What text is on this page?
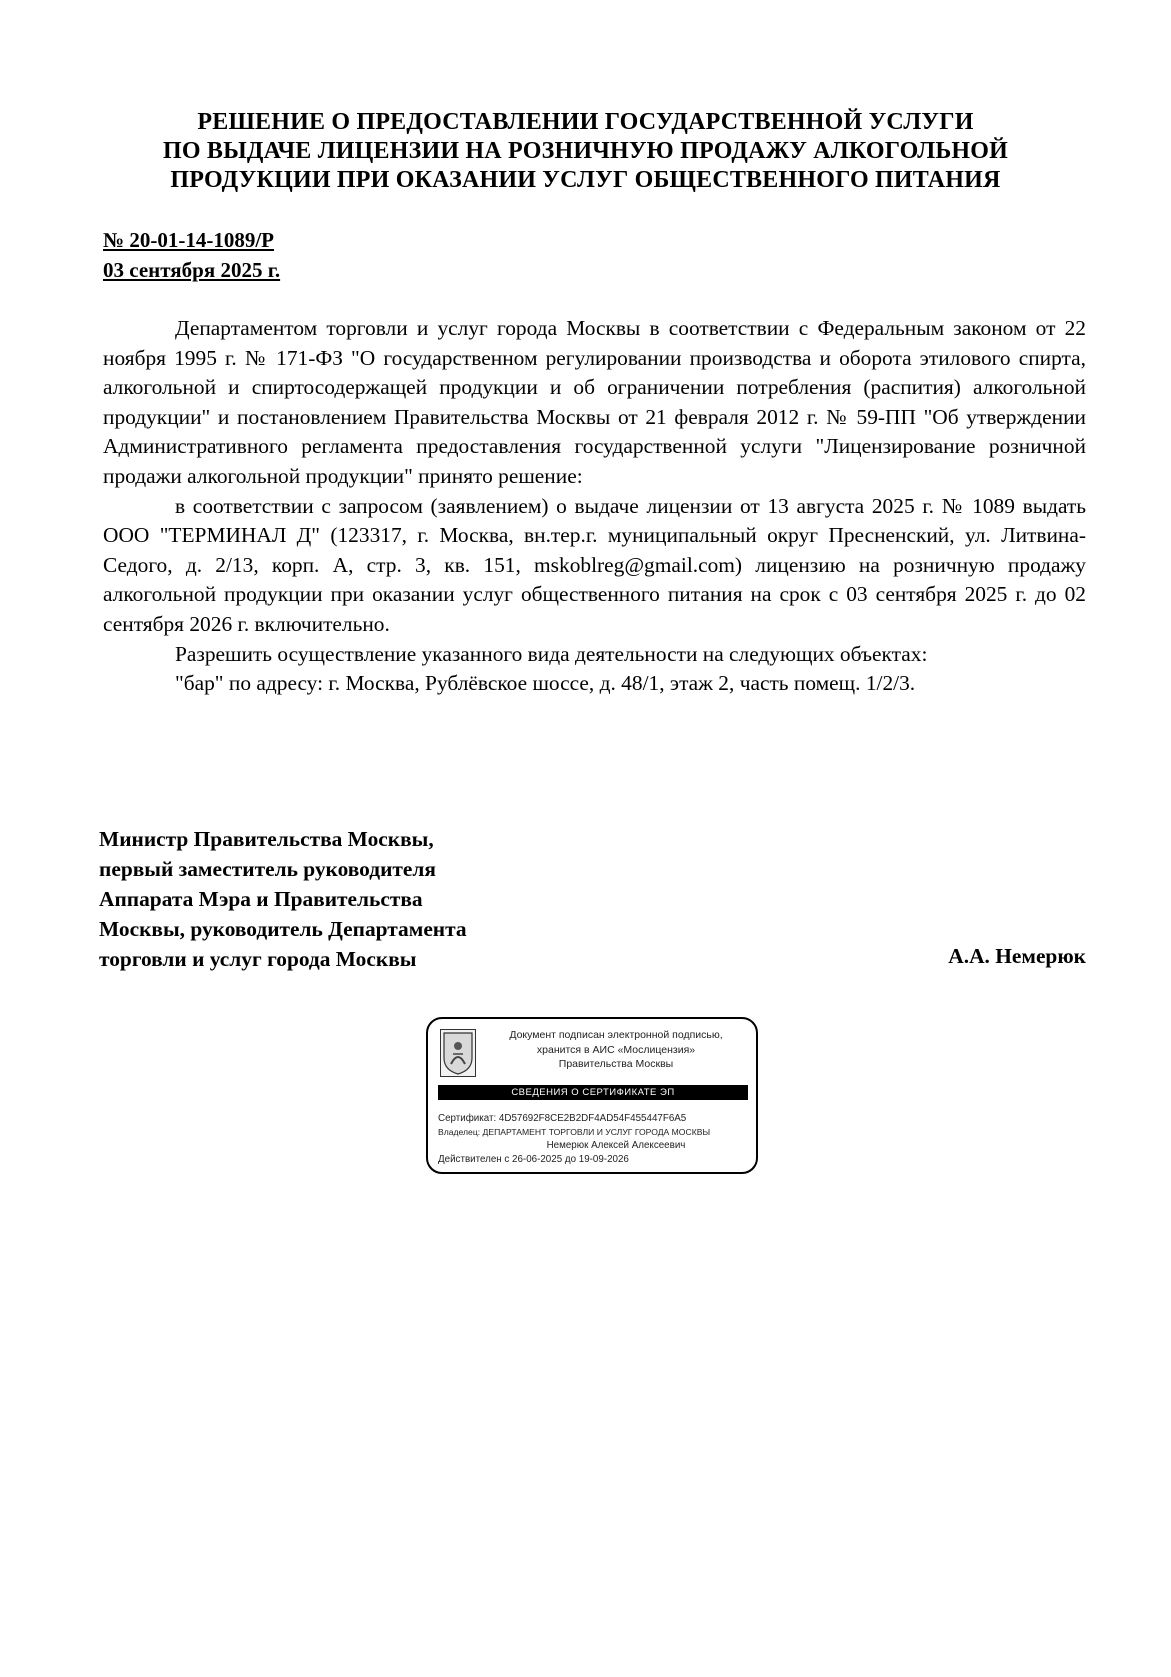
РЕШЕНИЕ О ПРЕДОСТАВЛЕНИИ ГОСУДАРСТВЕННОЙ УСЛУГИ
ПО ВЫДАЧЕ ЛИЦЕНЗИИ НА РОЗНИЧНУЮ ПРОДАЖУ АЛКОГОЛЬНОЙ
ПРОДУКЦИИ ПРИ ОКАЗАНИИ УСЛУГ ОБЩЕСТВЕННОГО ПИТАНИЯ
№ 20-01-14-1089/Р
03 сентября 2025 г.

Департаментом торговли и услуг города Москвы в соответствии с Федеральным законом от 22 ноября 1995 г. № 171-ФЗ "О государственном регулировании производства и оборота этилового спирта, алкогольной и спиртосодержащей продукции и об ограничении потребления (распития) алкогольной продукции" и постановлением Правительства Москвы от 21 февраля 2012 г. № 59-ПП "Об утверждении Административного регламента предоставления государственной услуги "Лицензирование розничной продажи алкогольной продукции" принято решение:

в соответствии с запросом (заявлением) о выдаче лицензии от 13 августа 2025 г. № 1089 выдать ООО "ТЕРМИНАЛ Д" (123317, г. Москва, вн.тер.г. муниципальный округ Пресненский, ул. Литвина-Седого, д. 2/13, корп. А, стр. 3, кв. 151, mskoblreg@gmail.com) лицензию на розничную продажу алкогольной продукции при оказании услуг общественного питания на срок с 03 сентября 2025 г. до 02 сентября 2026 г. включительно.

Разрешить осуществление указанного вида деятельности на следующих объектах:
"бар" по адресу: г. Москва, Рублёвское шоссе, д. 48/1, этаж 2, часть помещ. 1/2/3.
Министр Правительства Москвы,
первый заместитель руководителя
Аппарата Мэра и Правительства
Москвы, руководитель Департамента
торговли и услуг города Москвы	А.А. Немерюк
Документ подписан электронной подписью,
хранится в АИС «Мослицензия»
Правительства Москвы
СВЕДЕНИЯ О СЕРТИФИКАТЕ ЭП
Сертификат: 4D57692F8CE2B2DF4AD54F455447F6A5
Владелец: ДЕПАРТАМЕНТ ТОРГОВЛИ И УСЛУГ ГОРОДА МОСКВЫ
Немерюк Алексей Алексеевич
Действителен с 26-06-2025 до 19-09-2026
